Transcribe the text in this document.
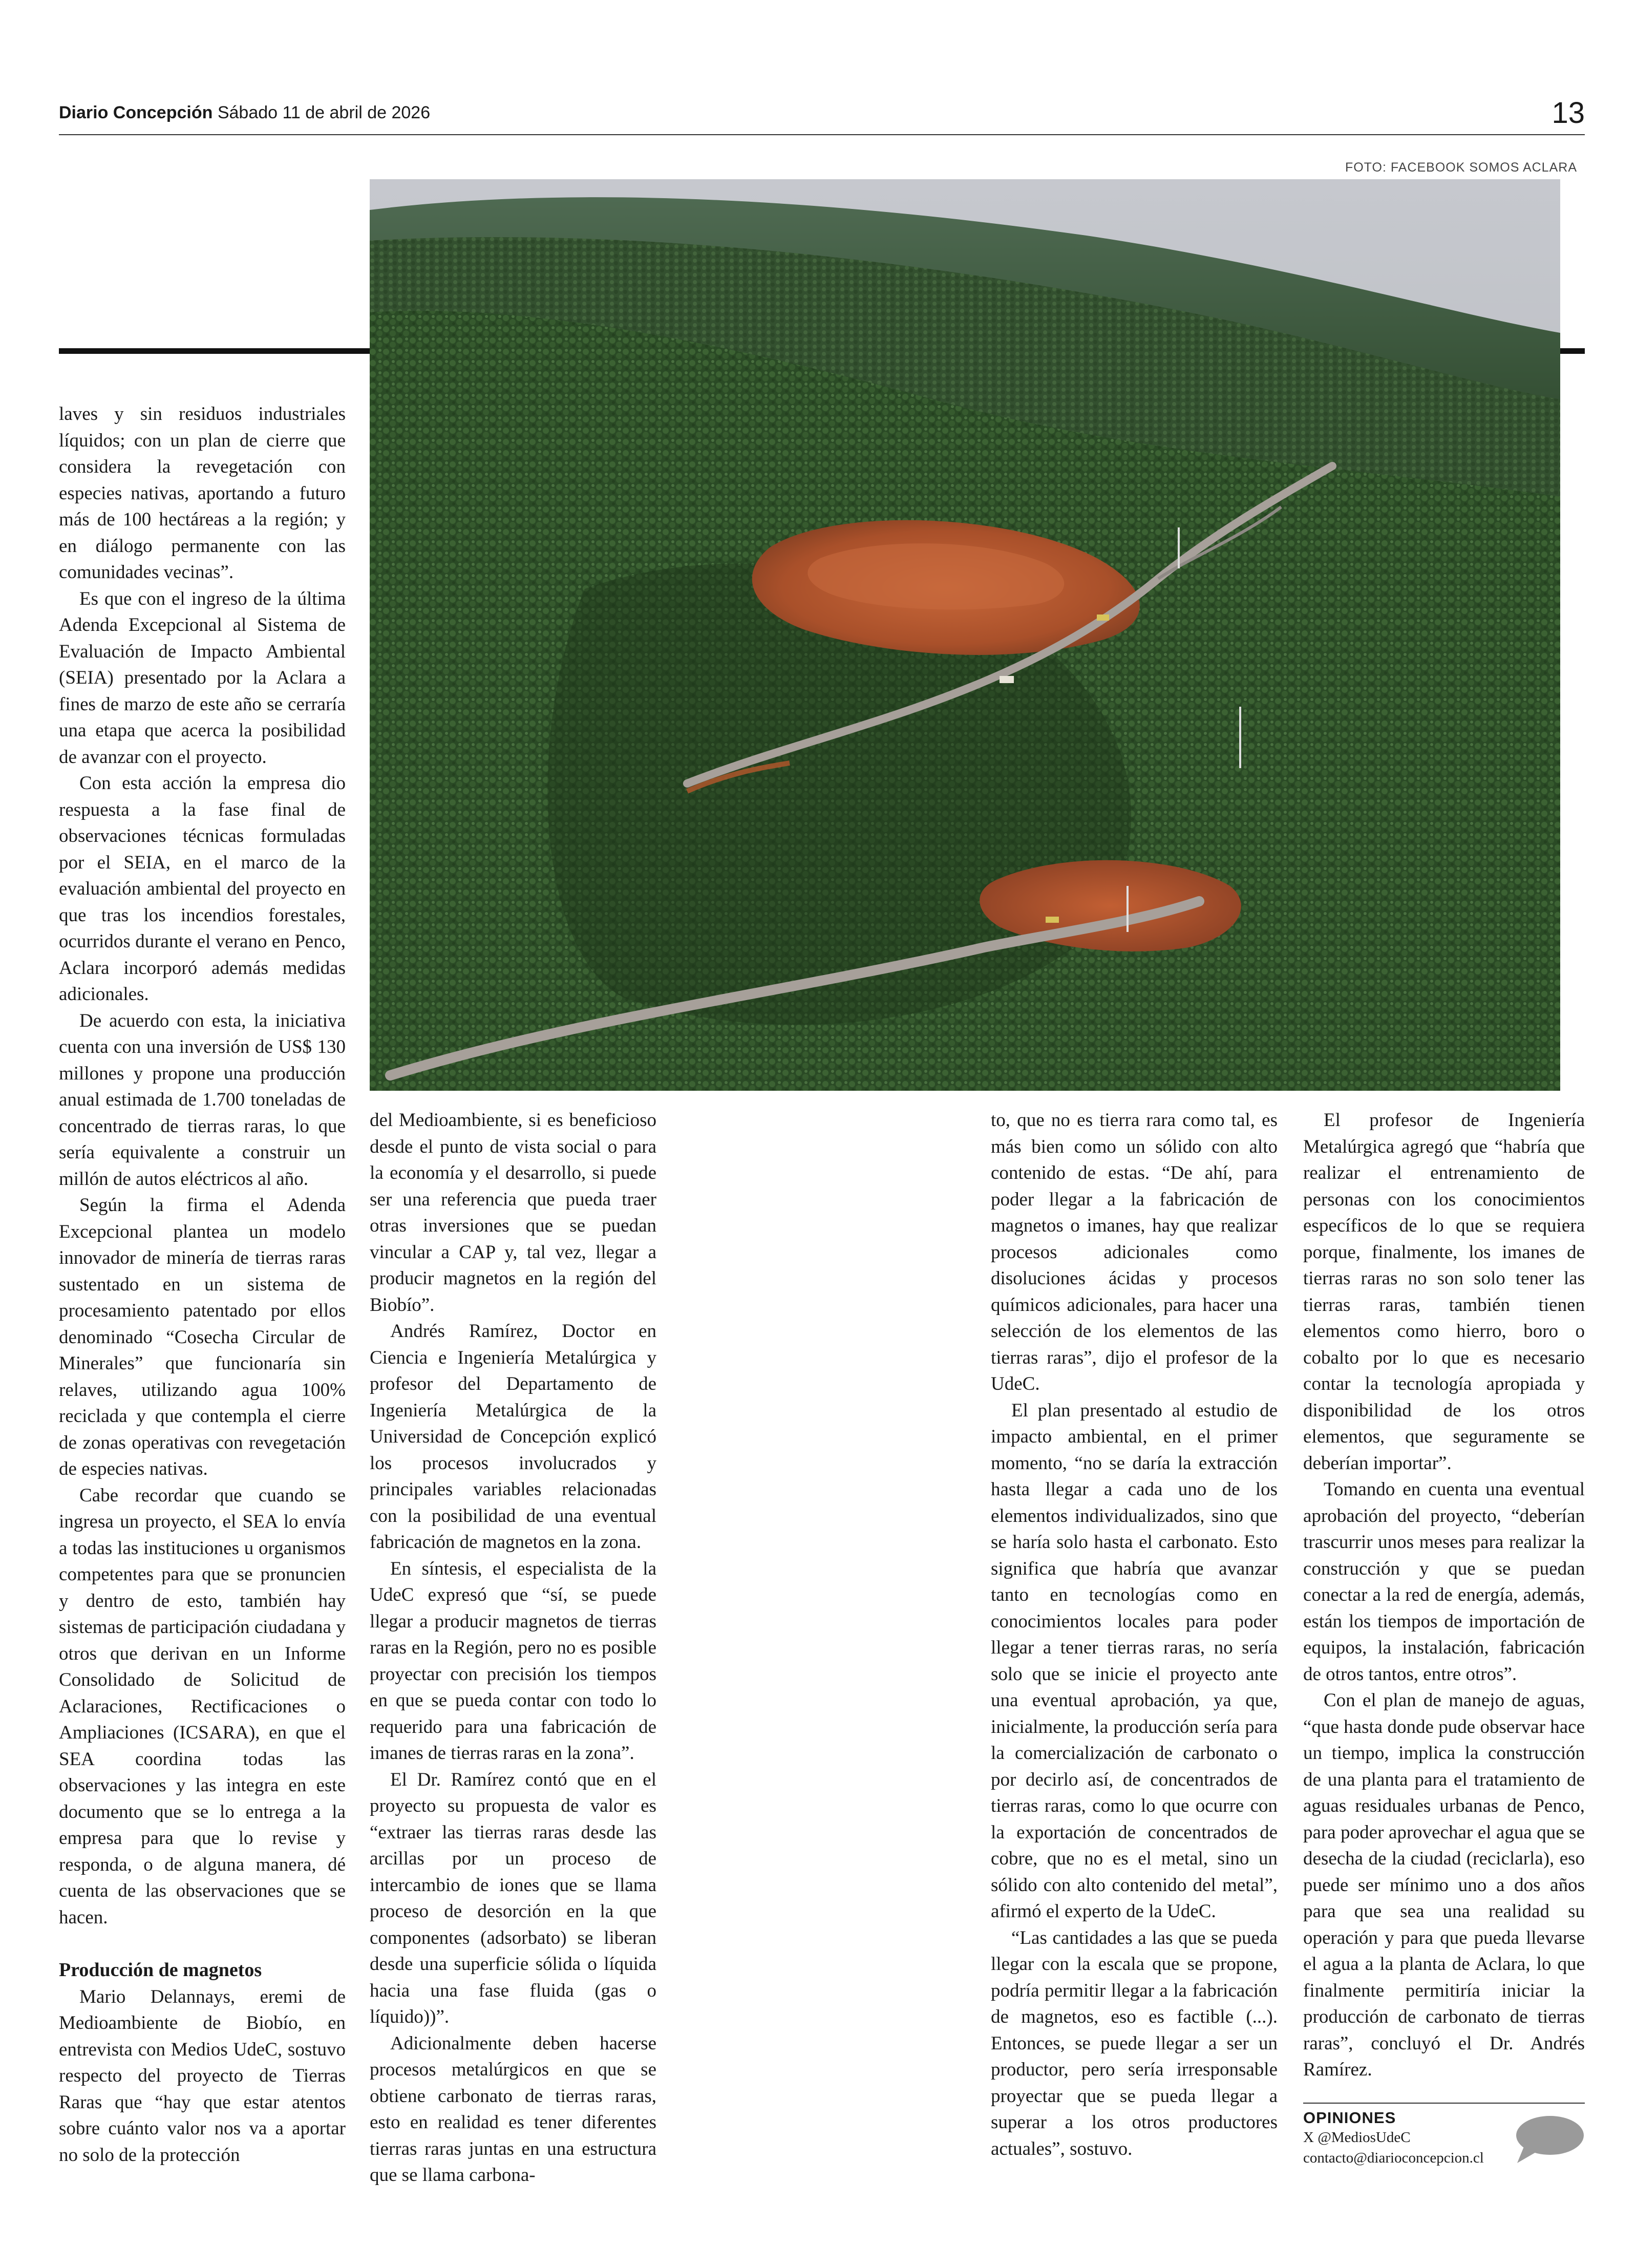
Diario Concepción Sábado 11 de abril de 2026	13
FOTO: FACEBOOK SOMOS ACLARA

laves y sin residuos industriales líquidos; con un plan de cierre que considera la revegetación con especies nativas, aportando a futuro más de 100 hectáreas a la región; y en diálogo permanente con las comunidades vecinas”.

Es que con el ingreso de la última Adenda Excepcional al Sistema de Evaluación de Impacto Ambiental (SEIA) presentado por la Aclara a fines de marzo de este año se cerraría una etapa que acerca la posibilidad de avanzar con el proyecto.

Con esta acción la empresa dio respuesta a la fase final de observaciones técnicas formuladas por el SEIA, en el marco de la evaluación ambiental del proyecto en que tras los incendios forestales, ocurridos durante el verano en Penco, Aclara incorporó además medidas adicionales.

De acuerdo con esta, la iniciativa cuenta con una inversión de US$ 130 millones y propone una producción anual estimada de 1.700 toneladas de concentrado de tierras raras, lo que sería equivalente a construir un millón de autos eléctricos al año.

Según la firma el Adenda Excepcional plantea un modelo innovador de minería de tierras raras sustentado en un sistema de procesamiento patentado por ellos denominado “Cosecha Circular de Minerales” que funcionaría sin relaves, utilizando agua 100% reciclada y que contempla el cierre de zonas operativas con revegetación de especies nativas.

Cabe recordar que cuando se ingresa un proyecto, el SEA lo envía a todas las instituciones u organismos competentes para que se pronuncien y dentro de esto, también hay sistemas de participación ciudadana y otros que derivan en un Informe Consolidado de Solicitud de Aclaraciones, Rectificaciones o Ampliaciones (ICSARA), en que el SEA coordina todas las observaciones y las integra en este documento que se lo entrega a la empresa para que lo revise y responda, o de alguna manera, dé cuenta de las observaciones que se hacen.

Producción de magnetos

Mario Delannays, eremi de Medioambiente de Biobío, en entrevista con Medios UdeC, sostuvo respecto del proyecto de Tierras Raras que “hay que estar atentos sobre cuánto valor nos va a aportar no solo de la protección

del Medioambiente, si es beneficioso desde el punto de vista social o para la economía y el desarrollo, si puede ser una referencia que pueda traer otras inversiones que se puedan vincular a CAP y, tal vez, llegar a producir magnetos en la región del Biobío”.

Andrés Ramírez, Doctor en Ciencia e Ingeniería Metalúrgica y profesor del Departamento de Ingeniería Metalúrgica de la Universidad de Concepción explicó los procesos involucrados y principales variables relacionadas con la posibilidad de una eventual fabricación de magnetos en la zona.

En síntesis, el especialista de la UdeC expresó que “sí, se puede llegar a producir magnetos de tierras raras en la Región, pero no es posible proyectar con precisión los tiempos en que se pueda contar con todo lo requerido para una fabricación de imanes de tierras raras en la zona”.

El Dr. Ramírez contó que en el proyecto su propuesta de valor es “extraer las tierras raras desde las arcillas por un proceso de intercambio de iones que se llama proceso de desorción en la que componentes (adsorbato) se liberan desde una superficie sólida o líquida hacia una fase fluida (gas o líquido))”.

Adicionalmente deben hacerse procesos metalúrgicos en que se obtiene carbonato de tierras raras, esto en realidad es tener diferentes tierras raras juntas en una estructura que se llama carbona-

to, que no es tierra rara como tal, es más bien como un sólido con alto contenido de estas. “De ahí, para poder llegar a la fabricación de magnetos o imanes, hay que realizar procesos adicionales como disoluciones ácidas y procesos químicos adicionales, para hacer una selección de los elementos de las tierras raras”, dijo el profesor de la UdeC.

El plan presentado al estudio de impacto ambiental, en el primer momento, “no se daría la extracción hasta llegar a cada uno de los elementos individualizados, sino que se haría solo hasta el carbonato. Esto significa que habría que avanzar tanto en tecnologías como en conocimientos locales para poder llegar a tener tierras raras, no sería solo que se inicie el proyecto ante una eventual aprobación, ya que, inicialmente, la producción sería para la comercialización de carbonato o por decirlo así, de concentrados de tierras raras, como lo que ocurre con la exportación de concentrados de cobre, que no es el metal, sino un sólido con alto contenido del metal”, afirmó el experto de la UdeC.

“Las cantidades a las que se pueda llegar con la escala que se propone, podría permitir llegar a la fabricación de magnetos, eso es factible (...). Entonces, se puede llegar a ser un productor, pero sería irresponsable proyectar que se pueda llegar a superar a los otros productores actuales”, sostuvo.

El profesor de Ingeniería Metalúrgica agregó que “habría que realizar el entrenamiento de personas con los conocimientos específicos de lo que se requiera porque, finalmente, los imanes de tierras raras no son solo tener las tierras raras, también tienen elementos como hierro, boro o cobalto por lo que es necesario contar la tecnología apropiada y disponibilidad de los otros elementos, que seguramente se deberían importar”.

Tomando en cuenta una eventual aprobación del proyecto, “deberían trascurrir unos meses para realizar la construcción y que se puedan conectar a la red de energía, además, están los tiempos de importación de equipos, la instalación, fabricación de otros tantos, entre otros”.

Con el plan de manejo de aguas, “que hasta donde pude observar hace un tiempo, implica la construcción de una planta para el tratamiento de aguas residuales urbanas de Penco, para poder aprovechar el agua que se desecha de la ciudad (reciclarla), eso puede ser mínimo uno a dos años para que sea una realidad su operación y para que pueda llevarse el agua a la planta de Aclara, lo que finalmente permitiría iniciar la producción de carbonato de tierras raras”, concluyó el Dr. Andrés Ramírez.

OPINIONES
X @MediosUdeC
contacto@diarioconcepcion.cl
